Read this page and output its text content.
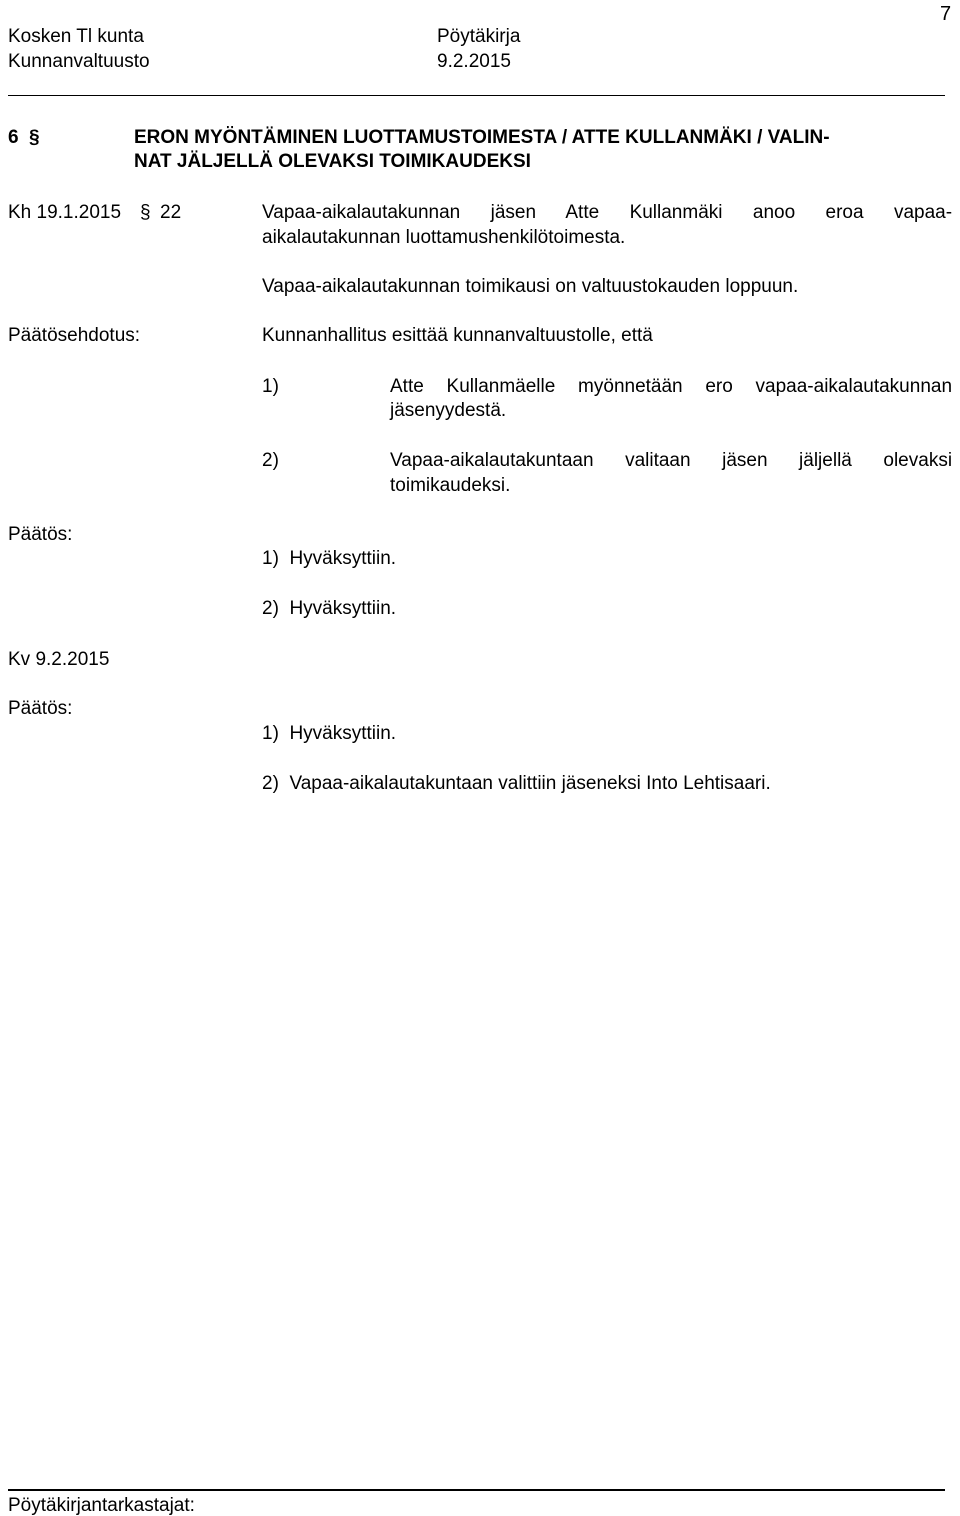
7
Kosken Tl kunta	Pöytäkirja
Kunnanvaltuusto	9.2.2015
6 §	ERON MYÖNTÄMINEN LUOTTAMUSTOIMESTA / ATTE KULLANMÄKI / VALIN-
NAT JÄLJELLÄ OLEVAKSI TOIMIKAUDEKSI
Kh 19.1.2015 § 22	Vapaa-aikalautakunnan jäsen Atte Kullanmäki anoo eroa vapaa-
aikalautakunnan luottamushenkilötoimesta.
Vapaa-aikalautakunnan toimikausi on valtuustokauden loppuun.
Päätösehdotus:	Kunnanhallitus esittää kunnanvaltuustolle, että
1)	Atte Kullanmäelle myönnetään ero vapaa-aikalautakunnan
jäsenyydestä.
2)	Vapaa-aikalautakuntaan valitaan jäsen jäljellä olevaksi
toimikaudeksi.
Päätös:
1)  Hyväksyttiin.
2)  Hyväksyttiin.
Kv 9.2.2015
Päätös:
1)  Hyväksyttiin.
2)  Vapaa-aikalautakuntaan valittiin jäseneksi Into Lehtisaari.
Pöytäkirjantarkastajat:
